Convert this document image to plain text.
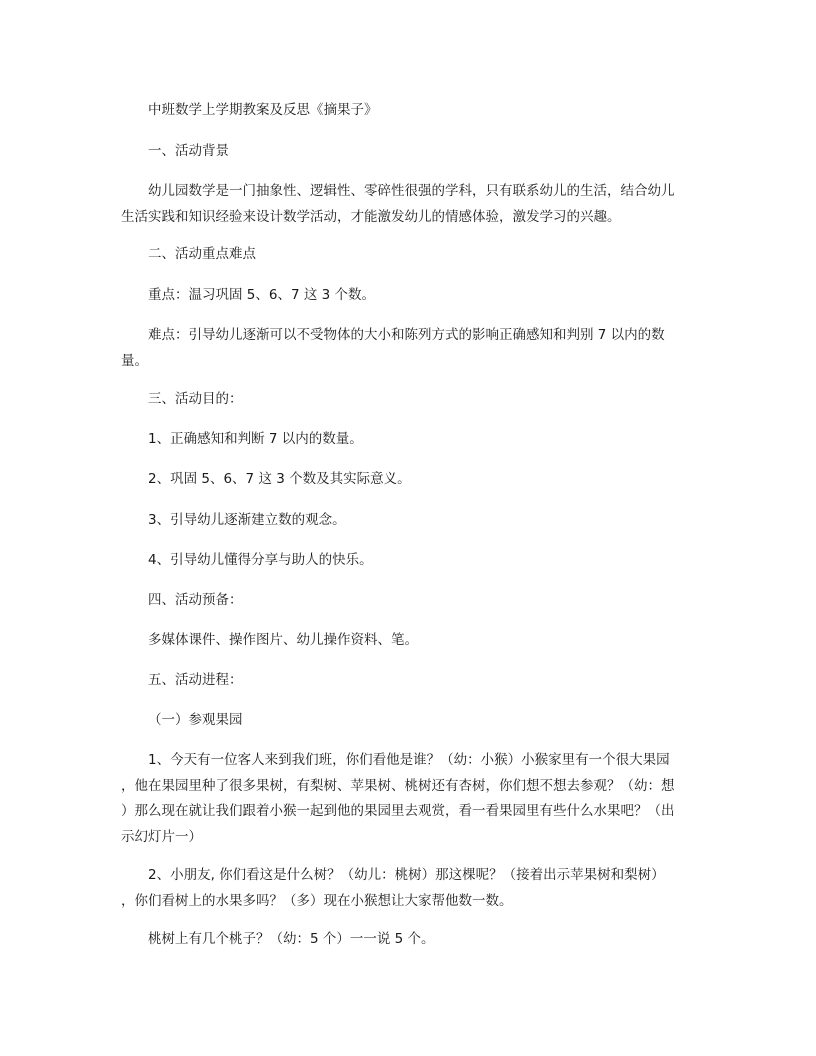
中班数学上学期教案及反思《摘果子》

一、活动背景

幼儿园数学是一门抽象性、逻辑性、零碎性很强的学科，只有联系幼儿的生活，结合幼儿

生活实践和知识经验来设计数学活动，才能激发幼儿的情感体验，激发学习的兴趣。

二、活动重点难点

重点：温习巩固 5、6、7 这 3 个数。

难点：引导幼儿逐渐可以不受物体的大小和陈列方式的影响正确感知和判别 7 以内的数

量。

三、活动目的：

1、正确感知和判断 7 以内的数量。

2、巩固 5、6、7 这 3 个数及其实际意义。

3、引导幼儿逐渐建立数的观念。

4、引导幼儿懂得分享与助人的快乐。

四、活动预备：

多媒体课件、操作图片、幼儿操作资料、笔。

五、活动进程：

（一）参观果园

1、今天有一位客人来到我们班，你们看他是谁？（幼：小猴）小猴家里有一个很大果园

，他在果园里种了很多果树，有梨树、苹果树、桃树还有杏树，你们想不想去参观？（幼：想

）那么现在就让我们跟着小猴一起到他的果园里去观赏，看一看果园里有些什么水果吧？（出

示幻灯片一）

2、小朋友, 你们看这是什么树？（幼儿：桃树）那这棵呢？（接着出示苹果树和梨树）

，你们看树上的水果多吗？（多）现在小猴想让大家帮他数一数。

桃树上有几个桃子？（幼：5 个）一一说 5 个。
